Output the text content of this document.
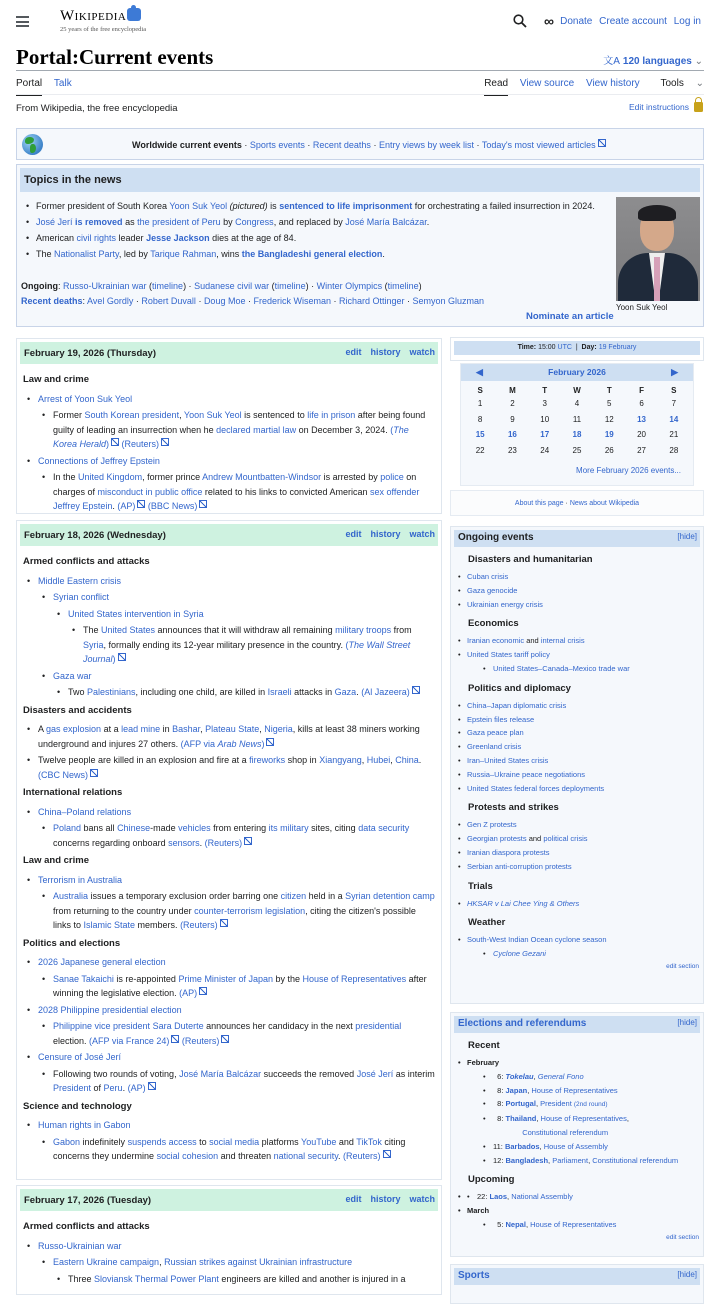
Wikipedia
25 years of the free encyclopedia
∞ Donate Create account Log in
Portal:Current events	文A 120 languages ⌄
Portal Talk	Read View source View history Tools ⌄
From Wikipedia, the free encyclopedia	Edit instructions
Worldwide current events · Sports events · Recent deaths · Entry views by week list · Today's most viewed articles
Topics in the news
• Former president of South Korea Yoon Suk Yeol (pictured) is sentenced to life imprisonment for orchestrating a failed insurrection in 2024.
• José Jerí is removed as the president of Peru by Congress, and replaced by José María Balcázar.
• American civil rights leader Jesse Jackson dies at the age of 84.
• The Nationalist Party, led by Tarique Rahman, wins the Bangladeshi general election.
Ongoing: Russo-Ukrainian war (timeline) · Sudanese civil war (timeline) · Winter Olympics (timeline)
Recent deaths: Avel Gordly · Robert Duvall · Doug Moe · Frederick Wiseman · Richard Ottinger · Semyon Gluzman
Nominate an article
Yoon Suk Yeol
February 19, 2026 (Thursday)	edit history watch
Law and crime
• Arrest of Yoon Suk Yeol
• Former South Korean president, Yoon Suk Yeol is sentenced to life in prison after being found guilty of leading an insurrection when he declared martial law on December 3, 2024. (The Korea Herald) (Reuters)
• Connections of Jeffrey Epstein
• In the United Kingdom, former prince Andrew Mountbatten-Windsor is arrested by police on charges of misconduct in public office related to his links to convicted American sex offender Jeffrey Epstein. (AP) (BBC News)
February 18, 2026 (Wednesday)	edit history watch
Armed conflicts and attacks
• Middle Eastern crisis
• Syrian conflict
• United States intervention in Syria
• The United States announces that it will withdraw all remaining military troops from Syria, formally ending its 12-year military presence in the country. (The Wall Street Journal)
• Gaza war
• Two Palestinians, including one child, are killed in Israeli attacks in Gaza. (Al Jazeera)
Disasters and accidents
• A gas explosion at a lead mine in Bashar, Plateau State, Nigeria, kills at least 38 miners working underground and injures 27 others. (AFP via Arab News)
• Twelve people are killed in an explosion and fire at a fireworks shop in Xiangyang, Hubei, China. (CBC News)
International relations
• China–Poland relations
• Poland bans all Chinese-made vehicles from entering its military sites, citing data security concerns regarding onboard sensors. (Reuters)
Law and crime
• Terrorism in Australia
• Australia issues a temporary exclusion order barring one citizen held in a Syrian detention camp from returning to the country under counter-terrorism legislation, citing the citizen's possible links to Islamic State members. (Reuters)
Politics and elections
• 2026 Japanese general election
• Sanae Takaichi is re-appointed Prime Minister of Japan by the House of Representatives after winning the legislative election. (AP)
• 2028 Philippine presidential election
• Philippine vice president Sara Duterte announces her candidacy in the next presidential election. (AFP via France 24) (Reuters)
• Censure of José Jerí
• Following two rounds of voting, José María Balcázar succeeds the removed José Jerí as interim President of Peru. (AP)
Science and technology
• Human rights in Gabon
• Gabon indefinitely suspends access to social media platforms YouTube and TikTok citing concerns they undermine social cohesion and threaten national security. (Reuters)
February 17, 2026 (Tuesday)	edit history watch
Armed conflicts and attacks
• Russo-Ukrainian war
• Eastern Ukraine campaign, Russian strikes against Ukrainian infrastructure
• Three Sloviansk Thermal Power Plant engineers are killed and another is injured in a
Time: 15:00 UTC  |  Day: 19 February
◀	February 2026	▶
S	M	T	W	T	F	S
1	2	3	4	5	6	7
8	9	10	11	12	13	14
15	16	17	18	19	20	21
22	23	24	25	26	27	28
More February 2026 events...
About this page · News about Wikipedia
Ongoing events	[hide]
Disasters and humanitarian
• Cuban crisis
• Gaza genocide
• Ukrainian energy crisis
Economics
• Iranian economic and internal crisis
• United States tariff policy
• United States–Canada–Mexico trade war
Politics and diplomacy
• China–Japan diplomatic crisis
• Epstein files release
• Gaza peace plan
• Greenland crisis
• Iran–United States crisis
• Russia–Ukraine peace negotiations
• United States federal forces deployments
Protests and strikes
• Gen Z protests
• Georgian protests and political crisis
• Iranian diaspora protests
• Serbian anti-corruption protests
Trials
• HKSAR v Lai Chee Ying & Others
Weather
• South-West Indian Ocean cyclone season
• Cyclone Gezani
edit section
Elections and referendums	[hide]
Recent
• February
•   6: Tokelau, General Fono
•   8: Japan, House of Representatives
•   8: Portugal, President (2nd round)
•   8: Thailand, House of Representatives,
Constitutional referendum
• 11: Barbados, House of Assembly
• 12: Bangladesh, Parliament, Constitutional referendum
Upcoming
• • 22: Laos, National Assembly
• March
•   5: Nepal, House of Representatives
edit section
Sports	[hide]
